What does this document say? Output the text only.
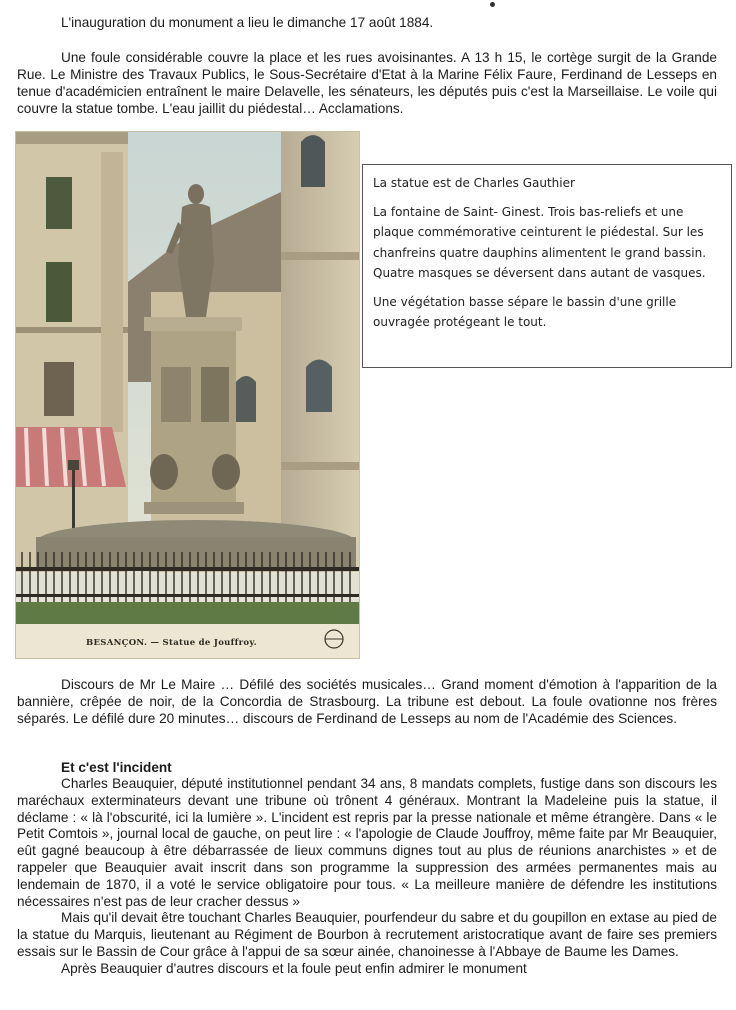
L'inauguration du monument a lieu le dimanche 17 août 1884.

Une foule considérable couvre la place et les rues avoisinantes. A 13 h 15, le cortège surgit de la Grande Rue. Le Ministre des Travaux Publics, le Sous-Secrétaire d'Etat à la Marine Félix Faure, Ferdinand de Lesseps en tenue d'académicien entraînent le maire Delavelle, les sénateurs, les députés puis c'est la Marseillaise. Le voile qui couvre la statue tombe. L'eau jaillit du piédestal… Acclamations.

BESANÇON. — Statue de Jouffroy.

La statue est de Charles Gauthier

La fontaine de Saint- Ginest. Trois bas-reliefs et une plaque commémorative ceinturent le piédestal. Sur les chanfreins quatre dauphins alimentent le grand bassin. Quatre masques se déversent dans autant de vasques.

Une végétation basse sépare le bassin d'une grille ouvragée protégeant le tout.

Discours de Mr Le Maire … Défilé des sociétés musicales… Grand moment d'émotion à l'apparition de la bannière, crêpée de noir, de la Concordia de Strasbourg. La tribune est debout. La foule ovationne nos frères séparés. Le défilé dure 20 minutes… discours de Ferdinand de Lesseps au nom de l'Académie des Sciences.

Et c'est l'incident

Charles Beauquier, député institutionnel pendant 34 ans, 8 mandats complets, fustige dans son discours les maréchaux exterminateurs devant une tribune où trônent 4 généraux. Montrant la Madeleine puis la statue, il déclame : « là l'obscurité, ici la lumière ». L'incident est repris par la presse nationale et même étrangère. Dans « le Petit Comtois », journal local de gauche, on peut lire : « l'apologie de Claude Jouffroy, même faite par Mr Beauquier, eût gagné beaucoup à être débarrassée de lieux communs dignes tout au plus de réunions anarchistes » et de rappeler que Beauquier avait inscrit dans son programme la suppression des armées permanentes mais au lendemain de 1870, il a voté le service obligatoire pour tous. « La meilleure manière de défendre les institutions nécessaires n'est pas de leur cracher dessus »
Mais qu'il devait être touchant Charles Beauquier, pourfendeur du sabre et du goupillon en extase au pied de la statue du Marquis, lieutenant au Régiment de Bourbon à recrutement aristocratique avant de faire ses premiers essais sur le Bassin de Cour grâce à l'appui de sa sœur ainée, chanoinesse à l'Abbaye de Baume les Dames.
Après Beauquier d'autres discours et la foule peut enfin admirer le monument
